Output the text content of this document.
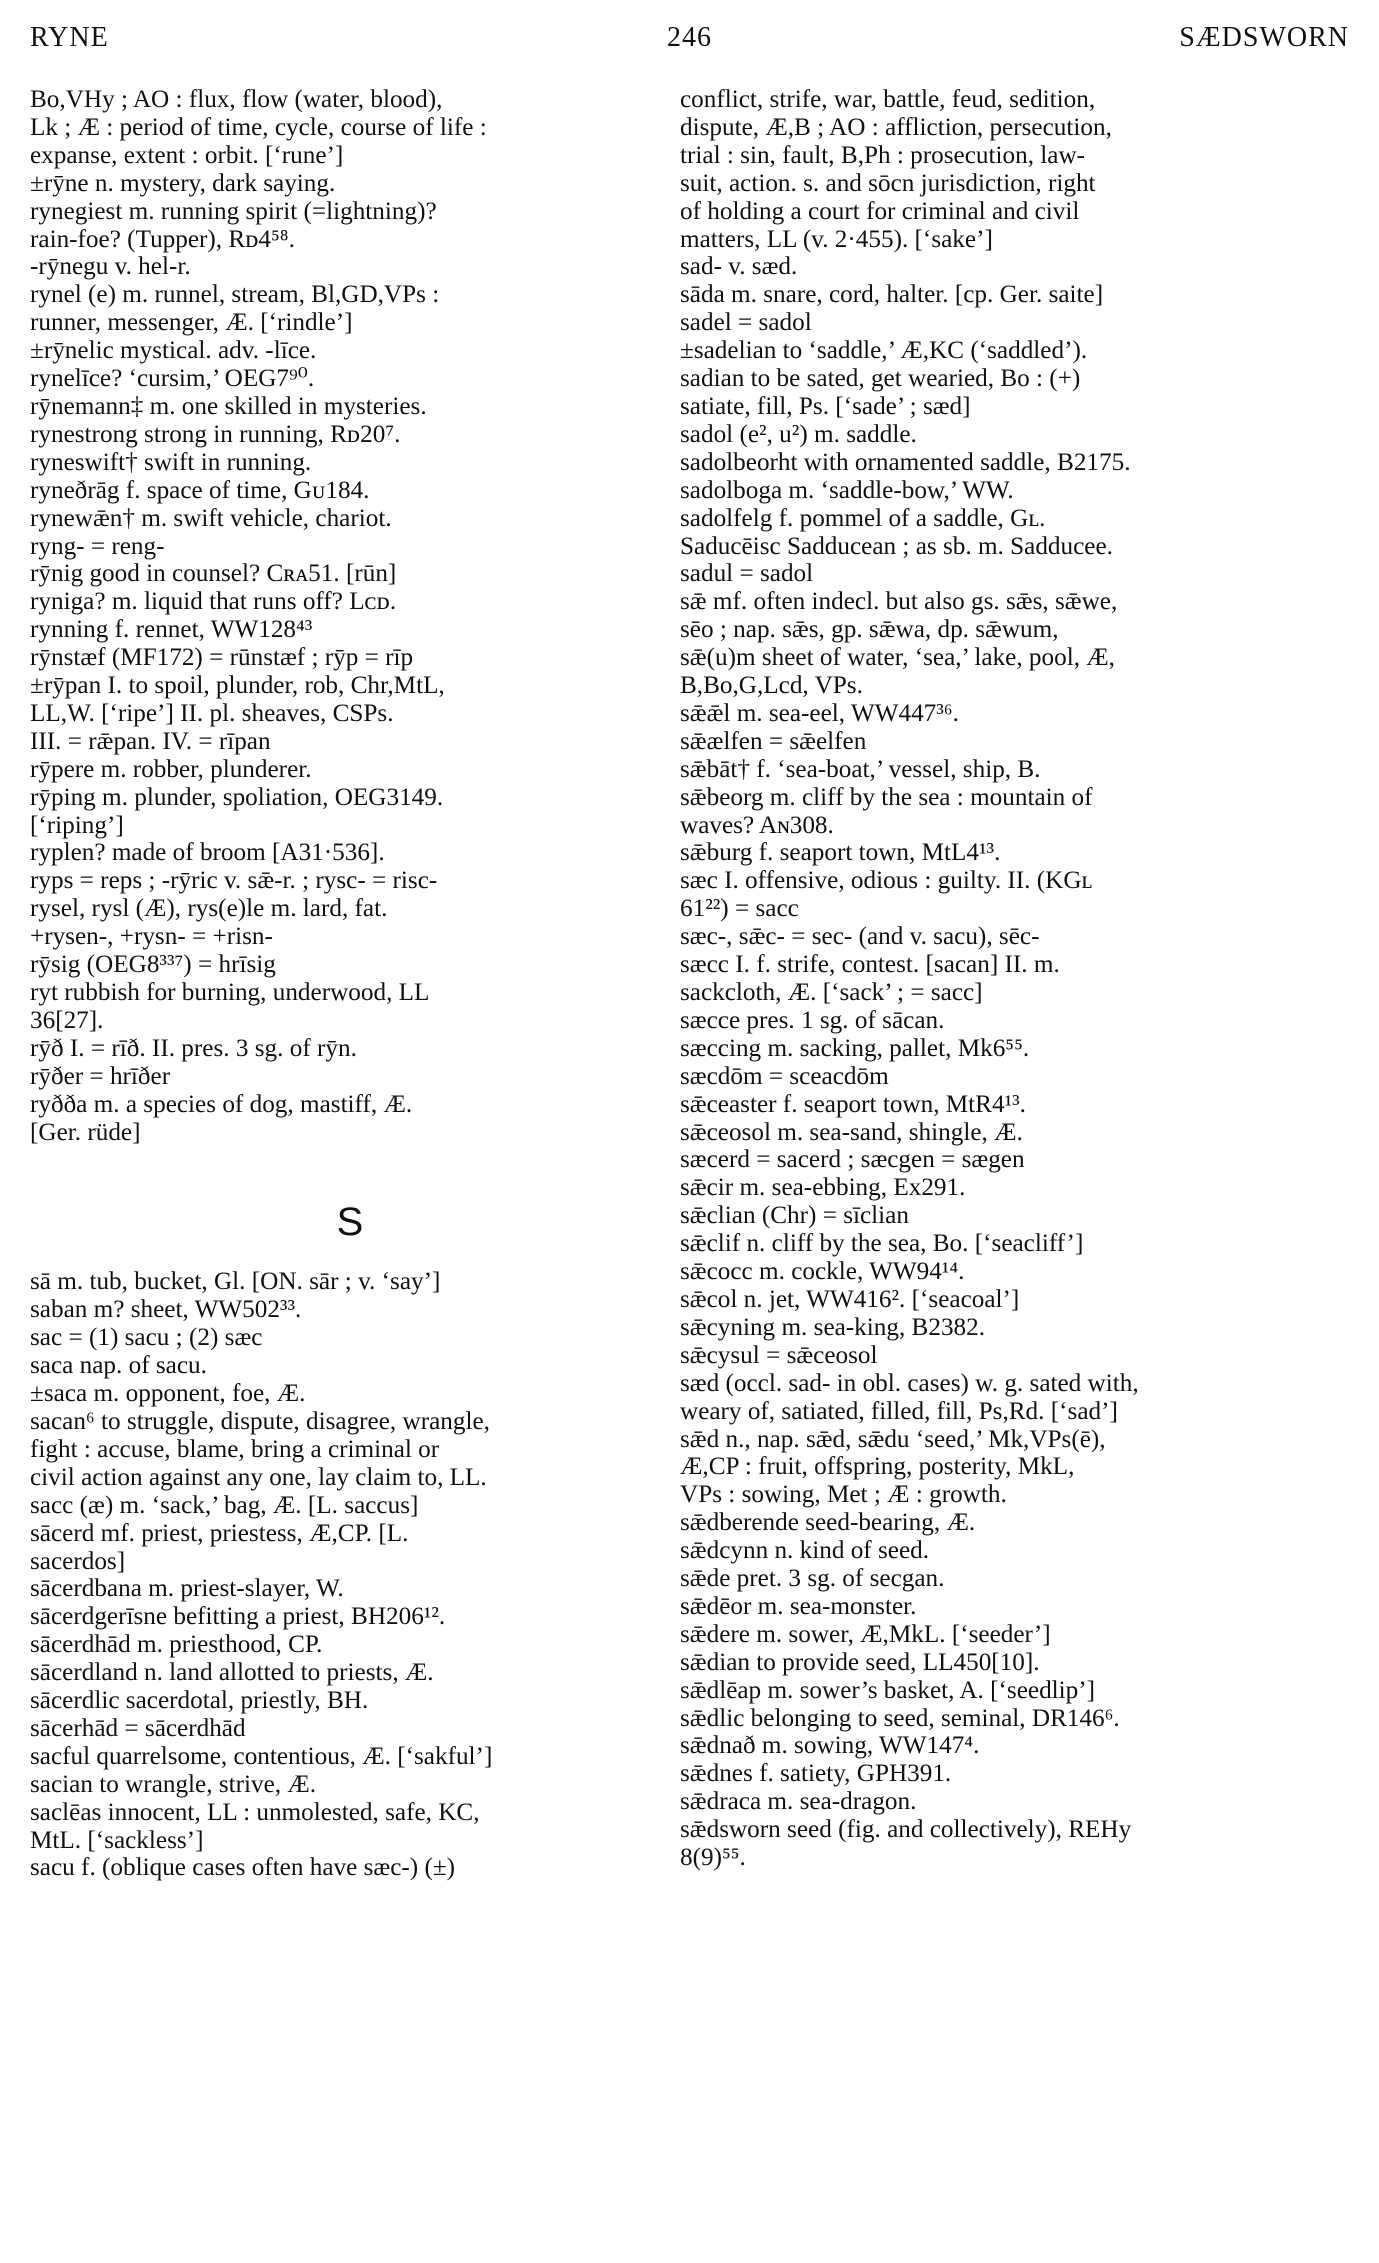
RYNE	246	SÆDSWORN

Bo,VHy ; AO : flux, flow (water, blood),

Lk ; Æ : period of time, cycle, course of life :

expanse, extent : orbit. [‘rune’]

±rȳne n. mystery, dark saying.

rynegiest m. running spirit (=lightning)?

rain-foe? (Tupper), Rᴅ4⁵⁸.

-rȳnegu v. hel-r.

rynel (e) m. runnel, stream, Bl,GD,VPs :

runner, messenger, Æ. [‘rindle’]

±rȳnelic mystical. adv. -līce.

rynelīce? ‘cursim,’ OEG7⁹⁰.

rȳnemann‡ m. one skilled in mysteries.

rynestrong strong in running, Rᴅ20⁷.

ryneswift† swift in running.

ryneðrāg f. space of time, Gᴜ184.

rynewǣn† m. swift vehicle, chariot.

ryng- = reng-

rȳnig good in counsel? Cʀᴀ51. [rūn]

ryniga? m. liquid that runs off? Lᴄᴅ.

rynning f. rennet, WW128⁴³

rȳnstæf (MF172) = rūnstæf ; rȳp = rīp

±rȳpan I. to spoil, plunder, rob, Chr,MtL,

LL,W. [‘ripe’] II. pl. sheaves, CSPs.

III. = rǣpan. IV. = rīpan

rȳpere m. robber, plunderer.

rȳping m. plunder, spoliation, OEG3149.

[‘riping’]

ryplen? made of broom [A31·536].

ryps = reps ; -rȳric v. sǣ-r. ; rysc- = risc-

rysel, rysl (Æ), rys(e)le m. lard, fat.

+rysen-, +rysn- = +risn-

rȳsig (OEG8³³⁷) = hrīsig

ryt rubbish for burning, underwood, LL

36[27].

rȳð I. = rīð. II. pres. 3 sg. of rȳn.

rȳðer = hrīðer

ryðða m. a species of dog, mastiff, Æ.

[Ger. rüde]

S

sā m. tub, bucket, Gl. [ON. sār ; v. ‘say’]

saban m? sheet, WW502³³.

sac = (1) sacu ; (2) sæc

saca nap. of sacu.

±saca m. opponent, foe, Æ.

sacan⁶ to struggle, dispute, disagree, wrangle,

fight : accuse, blame, bring a criminal or

civil action against any one, lay claim to, LL.

sacc (æ) m. ‘sack,’ bag, Æ. [L. saccus]

sācerd mf. priest, priestess, Æ,CP. [L.

sacerdos]

sācerdbana m. priest-slayer, W.

sācerdgerīsne befitting a priest, BH206¹².

sācerdhād m. priesthood, CP.

sācerdland n. land allotted to priests, Æ.

sācerdlic sacerdotal, priestly, BH.

sācerhād = sācerdhād

sacful quarrelsome, contentious, Æ. [‘sakful’]

sacian to wrangle, strive, Æ.

saclēas innocent, LL : unmolested, safe, KC,

MtL. [‘sackless’]

sacu f. (oblique cases often have sæc-) (±)

conflict, strife, war, battle, feud, sedition,

dispute, Æ,B ; AO : affliction, persecution,

trial : sin, fault, B,Ph : prosecution, law-

suit, action. s. and sōcn jurisdiction, right

of holding a court for criminal and civil

matters, LL (v. 2·455). [‘sake’]

sad- v. sæd.

sāda m. snare, cord, halter. [cp. Ger. saite]

sadel = sadol

±sadelian to ‘saddle,’ Æ,KC (‘saddled’).

sadian to be sated, get wearied, Bo : (+)

satiate, fill, Ps. [‘sade’ ; sæd]

sadol (e², u²) m. saddle.

sadolbeorht with ornamented saddle, B2175.

sadolboga m. ‘saddle-bow,’ WW.

sadolfelg f. pommel of a saddle, Gʟ.

Saducēisc Sadducean ; as sb. m. Sadducee.

sadul = sadol

sǣ mf. often indecl. but also gs. sǣs, sǣwe,

sēo ; nap. sǣs, gp. sǣwa, dp. sǣwum,

sǣ(u)m sheet of water, ‘sea,’ lake, pool, Æ,

B,Bo,G,Lcd, VPs.

sǣǣl m. sea-eel, WW447³⁶.

sǣælfen = sǣelfen

sǣbāt† f. ‘sea-boat,’ vessel, ship, B.

sǣbeorg m. cliff by the sea : mountain of

waves? Aɴ308.

sǣburg f. seaport town, MtL4¹³.

sæc I. offensive, odious : guilty. II. (KGʟ

61²²) = sacc

sæc-, sǣc- = sec- (and v. sacu), sēc-

sæcc I. f. strife, contest. [sacan] II. m.

sackcloth, Æ. [‘sack’ ; = sacc]

sæcce pres. 1 sg. of sācan.

sæccing m. sacking, pallet, Mk6⁵⁵.

sæcdōm = sceacdōm

sǣceaster f. seaport town, MtR4¹³.

sǣceosol m. sea-sand, shingle, Æ.

sæcerd = sacerd ; sæcgen = sægen

sǣcir m. sea-ebbing, Ex291.

sǣclian (Chr) = sīclian

sǣclif n. cliff by the sea, Bo. [‘seacliff’]

sǣcocc m. cockle, WW94¹⁴.

sǣcol n. jet, WW416². [‘seacoal’]

sǣcyning m. sea-king, B2382.

sǣcysul = sǣceosol

sæd (occl. sad- in obl. cases) w. g. sated with,

weary of, satiated, filled, fill, Ps,Rd. [‘sad’]

sǣd n., nap. sǣd, sǣdu ‘seed,’ Mk,VPs(ē),

Æ,CP : fruit, offspring, posterity, MkL,

VPs : sowing, Met ; Æ : growth.

sǣdberende seed-bearing, Æ.

sǣdcynn n. kind of seed.

sǣde pret. 3 sg. of secgan.

sǣdēor m. sea-monster.

sǣdere m. sower, Æ,MkL. [‘seeder’]

sǣdian to provide seed, LL450[10].

sǣdlēap m. sower’s basket, A. [‘seedlip’]

sǣdlic belonging to seed, seminal, DR146⁶.

sǣdnað m. sowing, WW147⁴.

sǣdnes f. satiety, GPH391.

sǣdraca m. sea-dragon.

sǣdsworn seed (fig. and collectively), REHy

8(9)⁵⁵.
